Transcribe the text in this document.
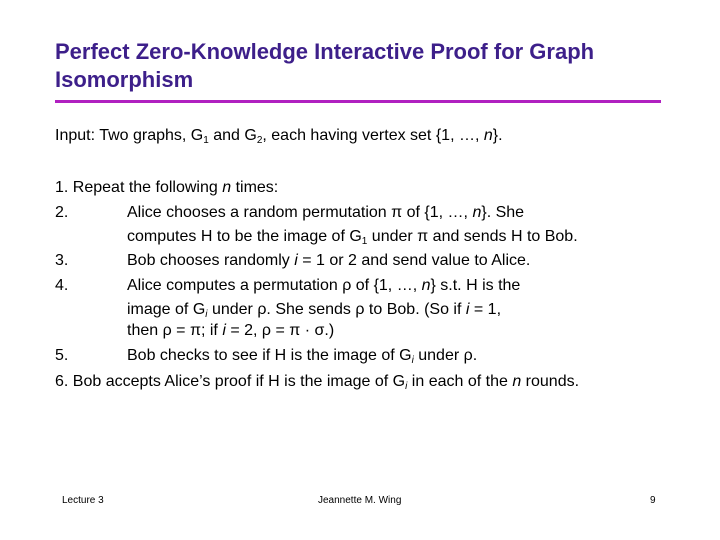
Perfect Zero-Knowledge Interactive Proof for Graph Isomorphism
Input: Two graphs, $G_1$ and $G_2$, each having vertex set {1, …, n}.
1. Repeat the following n times:
2.	Alice chooses a random permutation π of {1, …, n}. She
computes H to be the image of $G_1$ under π and sends H to Bob.
3.	Bob chooses randomly i = 1 or 2 and send value to Alice.
4.	Alice computes a permutation ρ of {1, …, n} s.t. H is the
image of $G_i$ under ρ. She sends ρ to Bob. (So if i = 1,
then ρ = π; if i = 2, ρ = π · σ.)
5.	Bob checks to see if H is the image of $G_i$ under ρ.
6. Bob accepts Alice’s proof if H is the image of $G_i$ in each of the n rounds.
Lecture 3	Jeannette M. Wing	9
